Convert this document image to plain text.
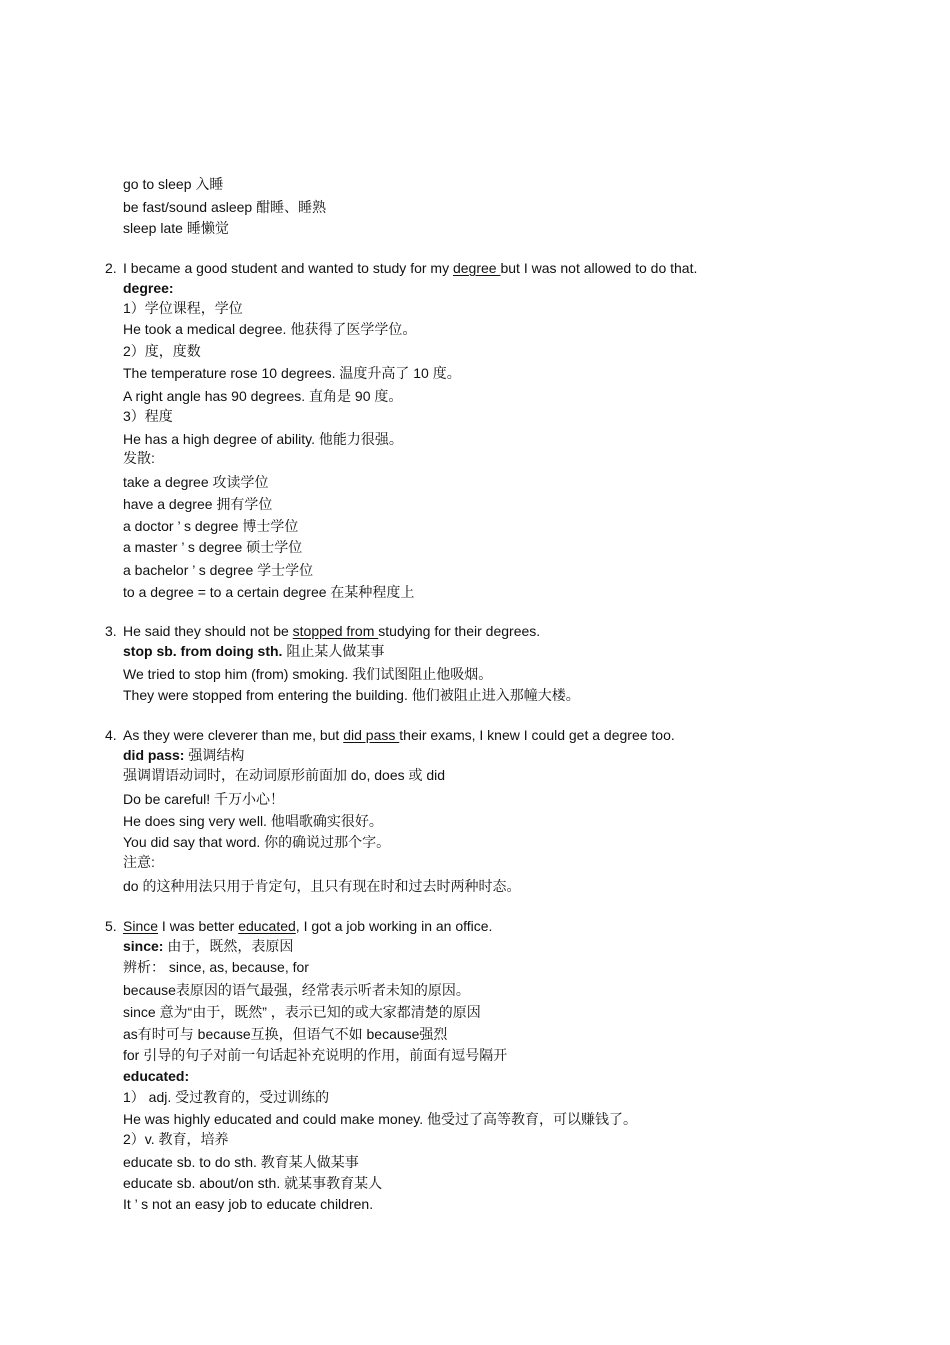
go to sleep 入睡
be fast/sound asleep 酣睡、睡熟
sleep late 睡懒觉
2. I became a good student and wanted to study for my degree but I was not allowed to do that.
degree:
1）学位课程，学位
He took a medical degree. 他获得了医学学位。
2）度，度数
The temperature rose 10 degrees. 温度升高了 10 度。
A right angle has 90 degrees. 直角是 90 度。
3）程度
He has a high degree of ability. 他能力很强。
发散:
take a degree 攻读学位
have a degree 拥有学位
a doctor ’ s degree 博士学位
a master ’ s degree 硕士学位
a bachelor ’ s degree 学士学位
to a degree = to a certain degree 在某种程度上
3. He said they should not be stopped from studying for their degrees.
stop sb. from doing sth. 阻止某人做某事
We tried to stop him (from) smoking. 我们试图阻止他吸烟。
They were stopped from entering the building. 他们被阻止进入那幢大楼。
4. As they were cleverer than me, but did pass their exams, I knew I could get a degree too.
did pass: 强调结构
强调谓语动词时，在动词原形前面加 do, does 或 did
Do be careful! 千万小心！
He does sing very well. 他唱歌确实很好。
You did say that word. 你的确说过那个字。
注意:
do 的这种用法只用于肯定句，且只有现在时和过去时两种时态。
5. Since I was better educated, I got a job working in an office.
since: 由于，既然，表原因
辨析： since, as, because, for
because表原因的语气最强，经常表示听者未知的原因。
since 意为“由于，既然” ，表示已知的或大家都清楚的原因
as有时可与 because互换，但语气不如 because强烈
for 引导的句子对前一句话起补充说明的作用，前面有逗号隔开
educated:
1） adj. 受过教育的，受过训练的
He was highly educated and could make money. 他受过了高等教育，可以赚钱了。
2）v. 教育，培养
educate sb. to do sth. 教育某人做某事
educate sb. about/on sth. 就某事教育某人
It ’ s not an easy job to educate children.
